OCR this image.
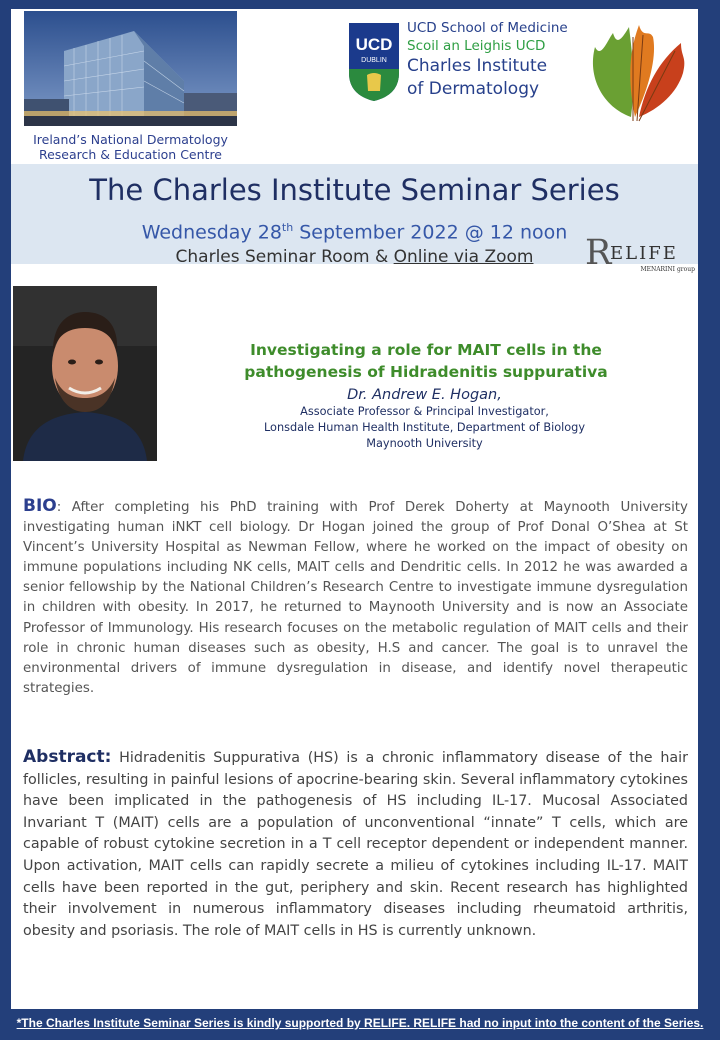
Ireland’s National Dermatology
Research & Education Centre
UCD
DUBLIN
UCD School of Medicine
Scoil an Leighis UCD
Charles Institute
of Dermatology
The Charles Institute Seminar Series
Wednesday 28th September 2022 @ 12 noon
Charles Seminar Room & Online via Zoom	R
ELIFE
MENARINI group
Investigating a role for MAIT cells in the
pathogenesis of Hidradenitis suppurativa
Dr. Andrew E. Hogan,
Associate Professor & Principal Investigator,
Lonsdale Human Health Institute, Department of Biology
Maynooth University
BIO: After completing his PhD training with Prof Derek Doherty at Maynooth University investigating human iNKT cell biology. Dr Hogan joined the group of Prof Donal O’Shea at St Vincent’s University Hospital as Newman Fellow, where he worked on the impact of obesity on immune populations including NK cells, MAIT cells and Dendritic cells. In 2012 he was awarded a senior fellowship by the National Children’s Research Centre to investigate immune dysregulation in children with obesity. In 2017, he returned to Maynooth University and is now an Associate Professor of Immunology. His research focuses on the metabolic regulation of MAIT cells and their role in chronic human diseases such as obesity, H.S and cancer. The goal is to unravel the environmental drivers of immune dysregulation in disease, and identify novel therapeutic strategies.
Abstract: Hidradenitis Suppurativa (HS) is a chronic inflammatory disease of the hair follicles, resulting in painful lesions of apocrine-bearing skin. Several inflammatory cytokines have been implicated in the pathogenesis of HS including IL-17. Mucosal Associated Invariant T (MAIT) cells are a population of unconventional “innate” T cells, which are capable of robust cytokine secretion in a T cell receptor dependent or independent manner. Upon activation, MAIT cells can rapidly secrete a milieu of cytokines including IL-17. MAIT cells have been reported in the gut, periphery and skin. Recent research has highlighted their involvement in numerous inflammatory diseases including rheumatoid arthritis, obesity and psoriasis. The role of MAIT cells in HS is currently unknown.
*The Charles Institute Seminar Series is kindly supported by RELIFE. RELIFE had no input into the content of the Series.
